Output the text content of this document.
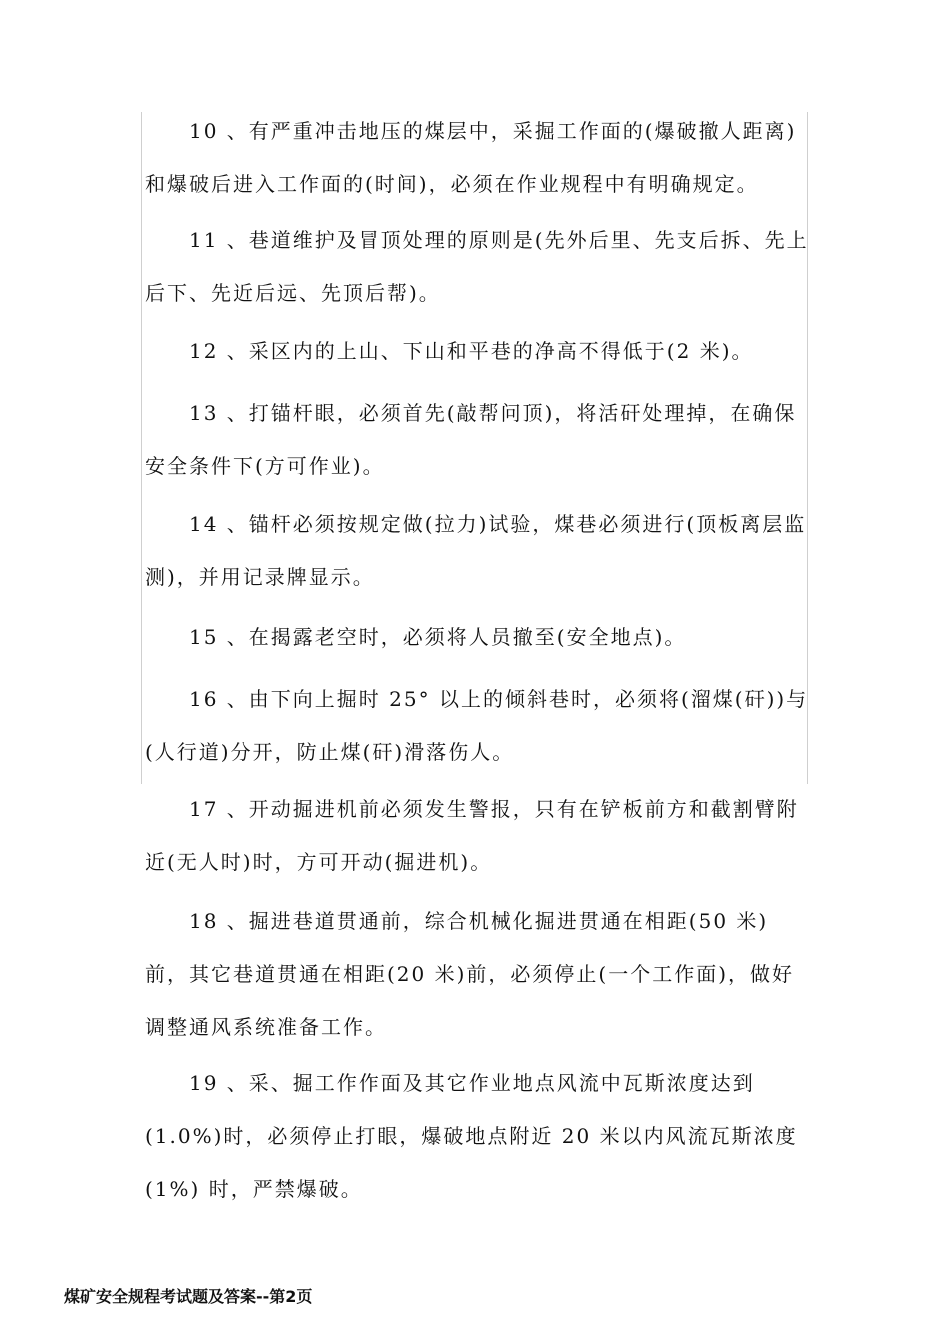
10 、有严重冲击地压的煤层中，采掘工作面的(爆破撤人距离)和爆破后进入工作面的(时间)，必须在作业规程中有明确规定。

11 、巷道维护及冒顶处理的原则是(先外后里、先支后拆、先上后下、先近后远、先顶后帮)。

12 、采区内的上山、下山和平巷的净高不得低于(2 米)。

13 、打锚杆眼，必须首先(敲帮问顶)，将活矸处理掉，在确保安全条件下(方可作业)。

14 、锚杆必须按规定做(拉力)试验，煤巷必须进行(顶板离层监测)，并用记录牌显示。

15 、在揭露老空时，必须将人员撤至(安全地点)。

16 、由下向上掘时 25° 以上的倾斜巷时，必须将(溜煤(矸))与(人行道)分开，防止煤(矸)滑落伤人。

17 、开动掘进机前必须发生警报，只有在铲板前方和截割臂附近(无人时)时，方可开动(掘进机)。

18 、掘进巷道贯通前，综合机械化掘进贯通在相距(50 米)前，其它巷道贯通在相距(20 米)前，必须停止(一个工作面)，做好调整通风系统准备工作。

19 、采、掘工作作面及其它作业地点风流中瓦斯浓度达到(1.0%)时，必须停止打眼，爆破地点附近 20 米以内风流瓦斯浓度(1%) 时，严禁爆破。

煤矿安全规程考试题及答案--第2页
